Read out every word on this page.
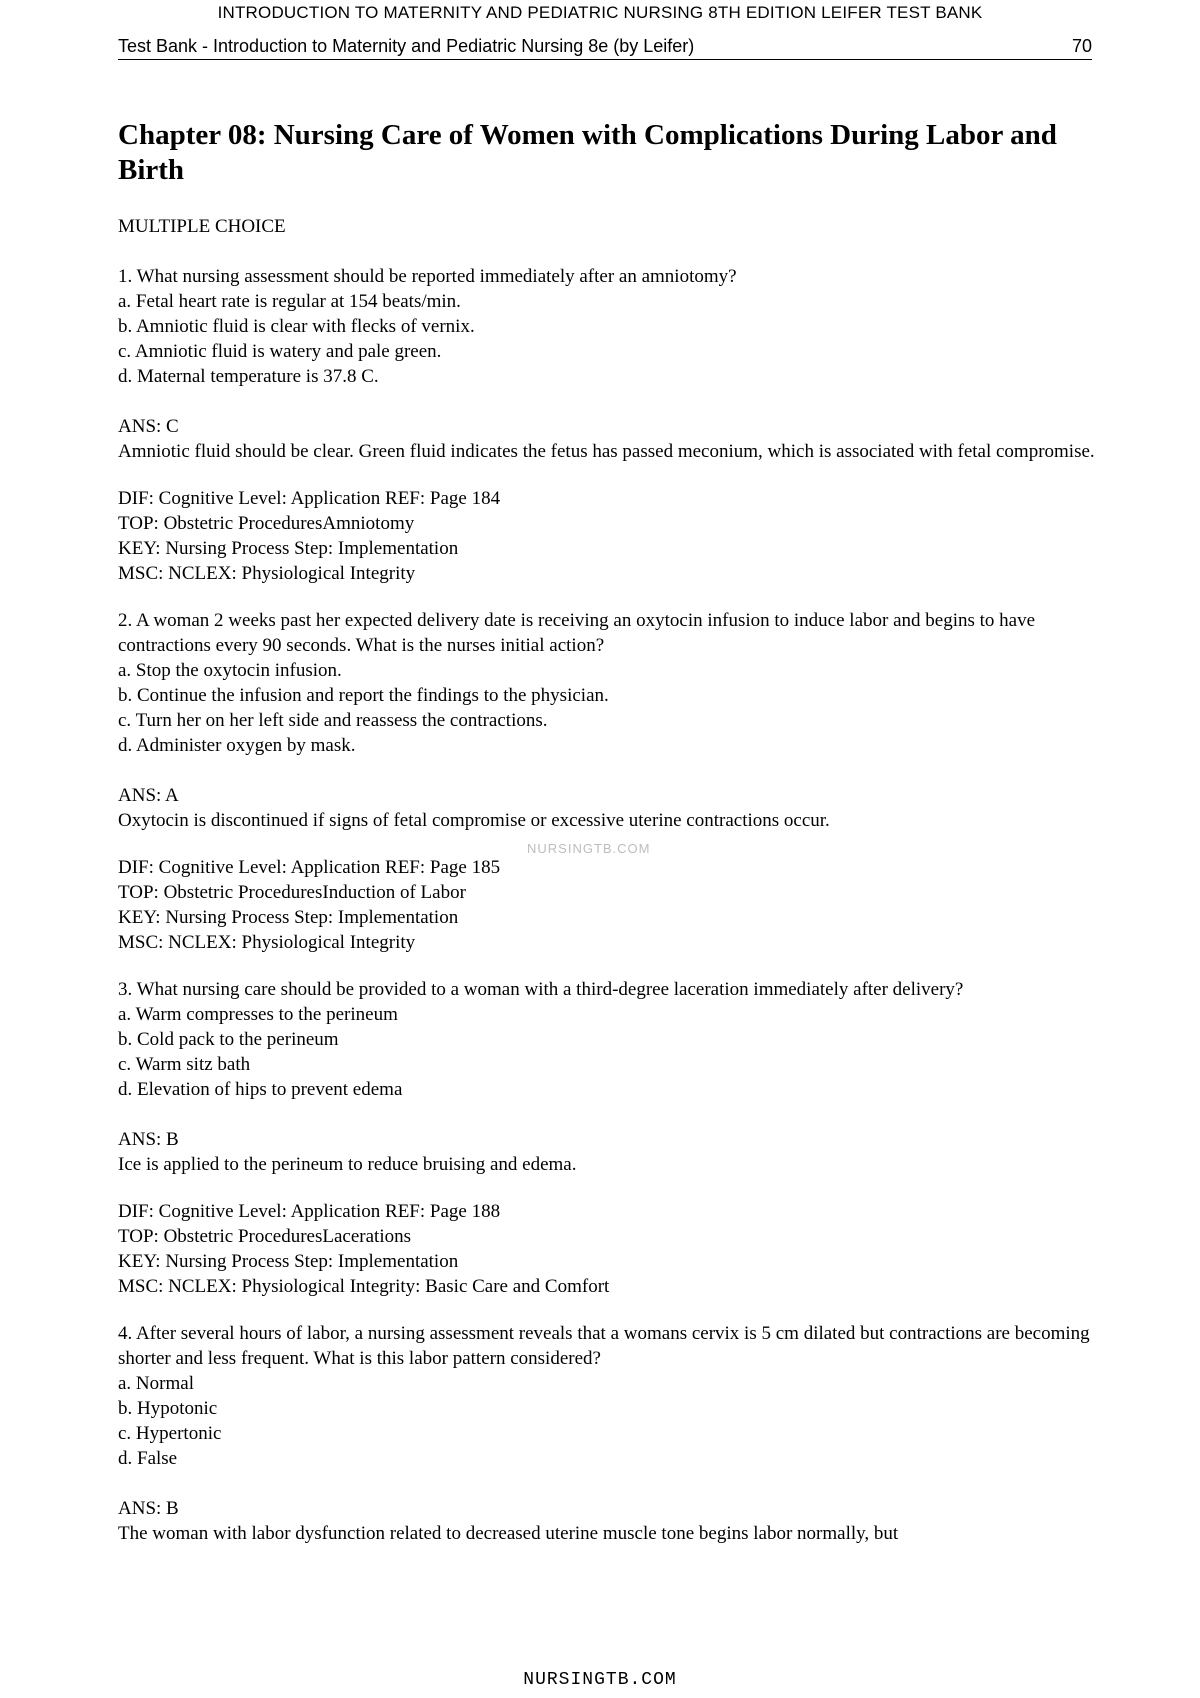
INTRODUCTION TO MATERNITY AND PEDIATRIC NURSING 8TH EDITION LEIFER TEST BANK
Test Bank - Introduction to Maternity and Pediatric Nursing 8e (by Leifer)	70
Chapter 08: Nursing Care of Women with Complications During Labor and Birth
MULTIPLE CHOICE

1. What nursing assessment should be reported immediately after an amniotomy?

a. Fetal heart rate is regular at 154 beats/min.

b. Amniotic fluid is clear with flecks of vernix.

c. Amniotic fluid is watery and pale green.

d. Maternal temperature is 37.8 C.

ANS: C

Amniotic fluid should be clear. Green fluid indicates the fetus has passed meconium, which is associated with fetal compromise.

DIF: Cognitive Level: Application REF: Page 184

TOP: Obstetric ProceduresAmniotomy

KEY: Nursing Process Step: Implementation

MSC: NCLEX: Physiological Integrity

2. A woman 2 weeks past her expected delivery date is receiving an oxytocin infusion to induce labor and begins to have contractions every 90 seconds. What is the nurses initial action?

a. Stop the oxytocin infusion.

b. Continue the infusion and report the findings to the physician.

c. Turn her on her left side and reassess the contractions.

d. Administer oxygen by mask.

ANS: A

Oxytocin is discontinued if signs of fetal compromise or excessive uterine contractions occur.

DIF: Cognitive Level: Application REF: Page 185

TOP: Obstetric ProceduresInduction of Labor

KEY: Nursing Process Step: Implementation

MSC: NCLEX: Physiological Integrity

3. What nursing care should be provided to a woman with a third-degree laceration immediately after delivery?

a. Warm compresses to the perineum

b. Cold pack to the perineum

c. Warm sitz bath

d. Elevation of hips to prevent edema

ANS: B

Ice is applied to the perineum to reduce bruising and edema.

DIF: Cognitive Level: Application REF: Page 188

TOP: Obstetric ProceduresLacerations

KEY: Nursing Process Step: Implementation

MSC: NCLEX: Physiological Integrity: Basic Care and Comfort

4. After several hours of labor, a nursing assessment reveals that a womans cervix is 5 cm dilated but contractions are becoming shorter and less frequent. What is this labor pattern considered?

a. Normal

b. Hypotonic

c. Hypertonic

d. False

ANS: B

The woman with labor dysfunction related to decreased uterine muscle tone begins labor normally, but

NURSINGTB.COM
NURSINGTB.COM
